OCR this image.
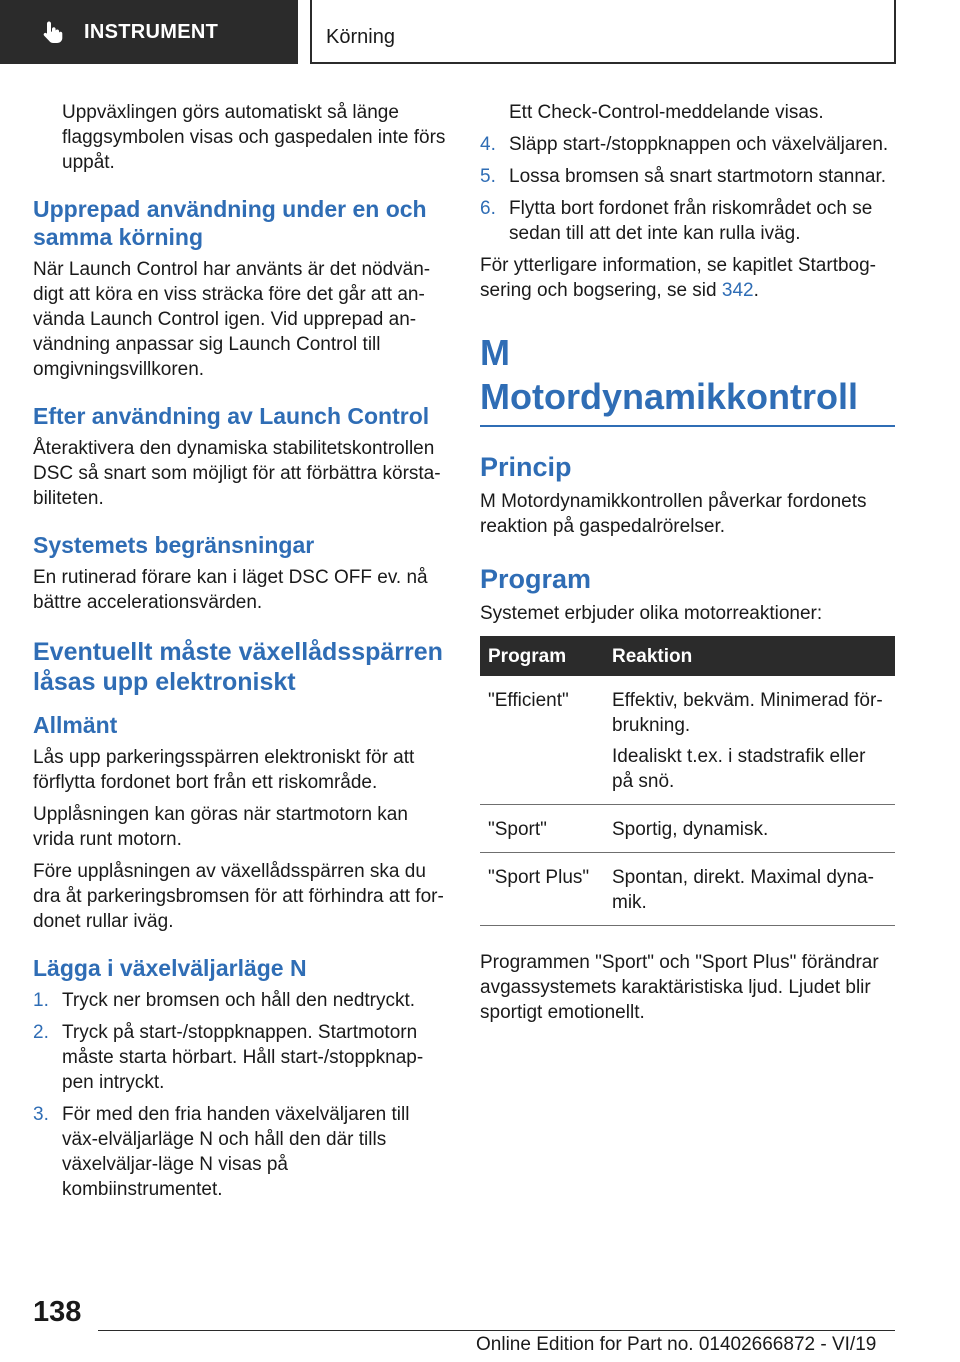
INSTRUMENT	Körning

Uppväxlingen görs automatiskt så länge flaggsymbolen visas och gaspedalen inte förs uppåt.

Upprepad användning under en och samma körning

När Launch Control har använts är det nödvän-digt att köra en viss sträcka före det går att an-vända Launch Control igen. Vid upprepad an-vändning anpassar sig Launch Control till omgivningsvillkoren.

Efter användning av Launch Control

Återaktivera den dynamiska stabilitetskontrollen DSC så snart som möjligt för att förbättra körsta-biliteten.

Systemets begränsningar

En rutinerad förare kan i läget DSC OFF ev. nå bättre accelerationsvärden.

Eventuellt måste växellådsspärren låsas upp elektroniskt
Allmänt

Lås upp parkeringsspärren elektroniskt för att förflytta fordonet bort från ett riskområde.

Upplåsningen kan göras när startmotorn kan vrida runt motorn.

Före upplåsningen av växellådsspärren ska du dra åt parkeringsbromsen för att förhindra att for-donet rullar iväg.

Lägga i växelväljarläge N
1. Tryck ner bromsen och håll den nedtryckt.
2. Tryck på start-/stoppknappen. Startmotorn måste starta hörbart. Håll start-/stoppknap-pen intryckt.
3. För med den fria handen växelväljaren till väx-elväljarläge N och håll den där tills växelväljar-läge N visas på kombiinstrumentet.

Ett Check-Control-meddelande visas.

4. Släpp start-/stoppknappen och växelväljaren.
5. Lossa bromsen så snart startmotorn stannar.
6. Flytta bort fordonet från riskområdet och se sedan till att det inte kan rulla iväg.

För ytterligare information, se kapitlet Startbog-sering och bogsering, se sid 342.

M Motordynamikkontroll
Princip

M Motordynamikkontrollen påverkar fordonets reaktion på gaspedalrörelser.

Program

Systemet erbjuder olika motorreaktioner:

Program	Reaktion
"Efficient"	Effektiv, bekväm. Minimerad för-brukning.

Idealiskt t.ex. i stadstrafik eller på snö.

"Sport"	Sportig, dynamisk.

"Sport Plus"	Spontan, direkt. Maximal dyna-mik.

Programmen "Sport" och "Sport Plus" förändrar avgassystemets karaktäristiska ljud. Ljudet blir sportigt emotionellt.

138
Online Edition for Part no. 01402666872 - VI/19
